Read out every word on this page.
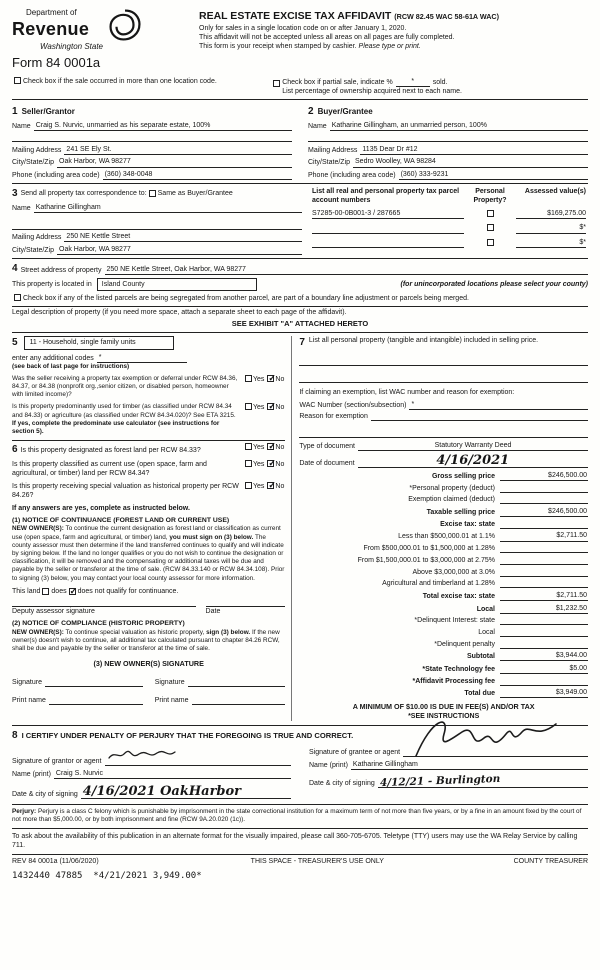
Department of
Revenue
Washington State
Form 84 0001a
REAL ESTATE EXCISE TAX AFFIDAVIT (RCW 82.45 WAC 58-61A WAC)
Only for sales in a single location code on or after January 1, 2020.
This affidavit will not be accepted unless all areas on all pages are fully completed.
This form is your receipt when stamped by cashier. Please type or print.
Check box if the sale occurred in more than one location code.	Check box if partial sale, indicate %	*	sold.
List percentage of ownership acquired next to each name.
1 Seller/Grantor
Name Craig S. Nurvic, unmarried as his separate estate, 100%
Mailing Address 241 SE Ely St.
City/State/Zip Oak Harbor, WA 98277
Phone (including area code) (360) 348-0048
2 Buyer/Grantee
Name Katharine Gillingham, an unmarried person, 100%
Mailing Address 1135 Dear Dr #12
City/State/Zip Sedro Woolley, WA 98284
Phone (including area code) (360) 333-9231
3 Send all property tax correspondence to: Same as Buyer/Grantee
Name Katharine Gillingham
Mailing Address 250 NE Kettle Street
City/State/Zip Oak Harbor, WA 98277
List all real and personal property tax parcel account numbers
Personal Property?
Assessed value(s)
S7285-00-0B001-3 / 287665	$169,275.00
$*
$*
4 Street address of property 250 NE Kettle Street, Oak Harbor, WA 98277
This property is located in	Island County	(for unincorporated locations please select your county)
Check box if any of the listed parcels are being segregated from another parcel, are part of a boundary line adjustment or parcels being merged.
Legal description of property (if you need more space, attach a separate sheet to each page of the affidavit).
SEE EXHIBIT "A" ATTACHED HERETO
5	11 - Household, single family units
enter any additional codes *
(see back of last page for instructions)
Was the seller receiving a property tax exemption or deferral under RCW 84.36, 84.37, or 84.38 (nonprofit org.,senior citizen, or disabled person, homeowner with limited income)?
Yes ✓ No
Is this property predominantly used for timber (as classified under RCW 84.34 and 84.33) or agriculture (as classified under RCW 84.34.020)? See ETA 3215. If yes, complete the predominate use calculator (see instructions for section 5).
Yes ✓ No
6 Is this property designated as forest land per RCW 84.33?	Yes ✓ No
Is this property classified as current use (open space, farm and agricultural, or timber) land per RCW 84.34?
Yes ✓ No
Is this property receiving special valuation as historical property per RCW 84.26?
Yes ✓ No
If any answers are yes, complete as instructed below.
(1) NOTICE OF CONTINUANCE (FOREST LAND OR CURRENT USE)
NEW OWNER(S): To continue the current designation as forest land or classification as current use (open space, farm and agricultural, or timber) land, you must sign on (3) below. The county assessor must then determine if the land transferred continues to qualify and will indicate by signing below. If the land no longer qualifies or you do not wish to continue the designation or classification, it will be removed and the compensating or additional taxes will be due and payable by the seller or transferor at the time of sale. (RCW 84.33.140 or RCW 84.34.108). Prior to signing (3) below, you may contact your local county assessor for more information.
This land does ✓ does not qualify for continuance.
Deputy assessor signature	Date
(2) NOTICE OF COMPLIANCE (HISTORIC PROPERTY)
NEW OWNER(S): To continue special valuation as historic property, sign (3) below. If the new owner(s) doesn't wish to continue, all additional tax calculated pursuant to chapter 84.26 RCW, shall be due and payable by the seller or transferor at the time of sale.
(3) NEW OWNER(S) SIGNATURE
Signature	Signature
Print name	Print name
7 List all personal property (tangible and intangible) included in selling price.
If claiming an exemption, list WAC number and reason for exemption:
WAC Number (section/subsection) *
Reason for exemption
Type of document	Statutory Warranty Deed
Date of document	4/16/2021
Gross selling price	$246,500.00
*Personal property (deduct)
Exemption claimed (deduct)
Taxable selling price	$246,500.00
Excise tax: state
Less than $500,000.01 at 1.1%	$2,711.50
From $500,000.01 to $1,500,000 at 1.28%
From $1,500,000.01 to $3,000,000 at 2.75%
Above $3,000,000 at 3.0%
Agricultural and timberland at 1.28%
Total excise tax: state	$2,711.50
Local	$1,232.50
*Delinquent Interest: state
Local
*Delinquent penalty
Subtotal	$3,944.00
*State Technology fee	$5.00
*Affidavit Processing fee
Total due	$3,949.00
A MINIMUM OF $10.00 IS DUE IN FEE(S) AND/OR TAX
*SEE INSTRUCTIONS
8 I CERTIFY UNDER PENALTY OF PERJURY THAT THE FOREGOING IS TRUE AND CORRECT.
Signature of grantor or agent
Name (print) Craig S. Nurvic
Date & city of signing 4/16/2021 OakHarbor
Signature of grantee or agent
Name (print) Katharine Gillingham
Date & city of signing 4/12/21 - Burlington
Perjury: Perjury is a class C felony which is punishable by imprisonment in the state correctional institution for a maximum term of not more than five years, or by a fine in an amount fixed by the court of not more than $5,000.00, or by both imprisonment and fine (RCW 9A.20.020 (1c)).
To ask about the availability of this publication in an alternate format for the visually impaired, please call 360-705-6705. Teletype (TTY) users may use the WA Relay Service by calling 711.
REV 84 0001a (11/06/2020)	THIS SPACE - TREASURER'S USE ONLY	COUNTY TREASURER
1432440 47885  *4/21/2021 3,949.00*
